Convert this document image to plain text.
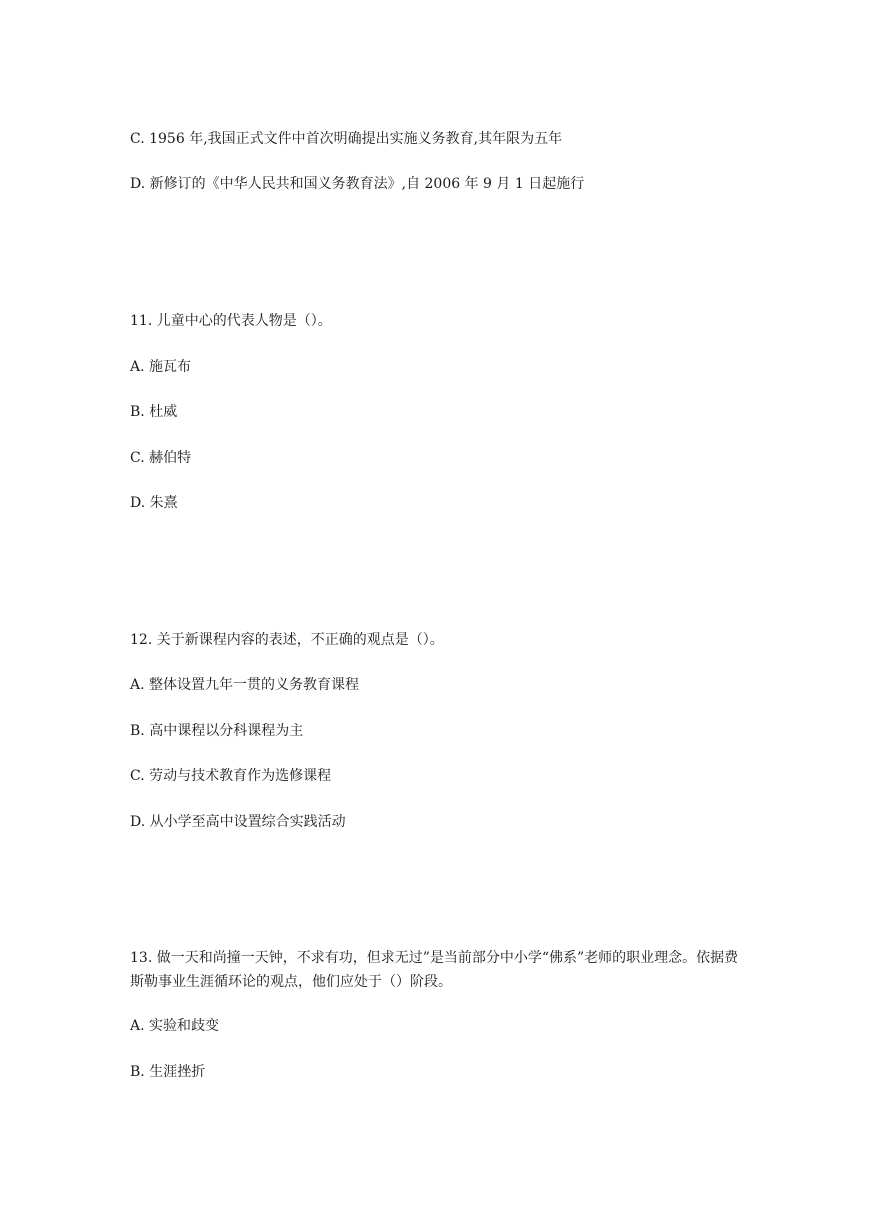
C. 1956 年,我国正式文件中首次明确提出实施义务教育,其年限为五年
D. 新修订的《中华人民共和国义务教育法》,自 2006 年 9 月 1 日起施行
11. 儿童中心的代表人物是（）。
A. 施瓦布
B. 杜威
C. 赫伯特
D. 朱熹
12. 关于新课程内容的表述，不正确的观点是（）。
A. 整体设置九年一贯的义务教育课程
B. 高中课程以分科课程为主
C. 劳动与技术教育作为选修课程
D. 从小学至高中设置综合实践活动
13. 做一天和尚撞一天钟，不求有功，但求无过”是当前部分中小学“佛系”老师的职业理念。依据费斯勒事业生涯循环论的观点，他们应处于（）阶段。
A. 实验和歧变
B. 生涯挫折
